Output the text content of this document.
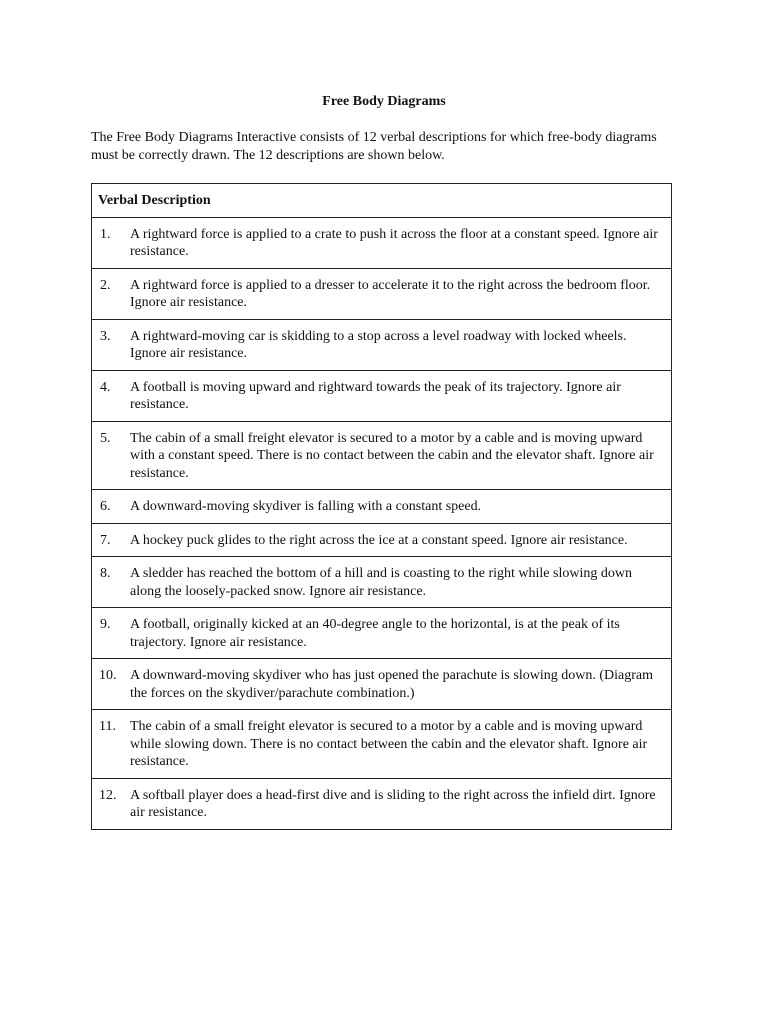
Free Body Diagrams
The Free Body Diagrams Interactive consists of 12 verbal descriptions for which free-body diagrams must be correctly drawn. The 12 descriptions are shown below.
Verbal Description

1.	A rightward force is applied to a crate to push it across the floor at a constant speed. Ignore air resistance.

2.	A rightward force is applied to a dresser to accelerate it to the right across the bedroom floor. Ignore air resistance.

3.	A rightward-moving car is skidding to a stop across a level roadway with locked wheels. Ignore air resistance.

4.	A football is moving upward and rightward towards the peak of its trajectory. Ignore air resistance.

5.	The cabin of a small freight elevator is secured to a motor by a cable and is moving upward with a constant speed. There is no contact between the cabin and the elevator shaft. Ignore air resistance.

6.	A downward-moving skydiver is falling with a constant speed.

7.	A hockey puck glides to the right across the ice at a constant speed. Ignore air resistance.

8.	A sledder has reached the bottom of a hill and is coasting to the right while slowing down along the loosely-packed snow. Ignore air resistance.

9.	A football, originally kicked at an 40-degree angle to the horizontal, is at the peak of its trajectory. Ignore air resistance.

10. A downward-moving skydiver who has just opened the parachute is slowing down. (Diagram the forces on the skydiver/parachute combination.)

11.	The cabin of a small freight elevator is secured to a motor by a cable and is moving upward while slowing down. There is no contact between the cabin and the elevator shaft. Ignore air resistance.

12. A softball player does a head-first dive and is sliding to the right across the infield dirt. Ignore air resistance.
